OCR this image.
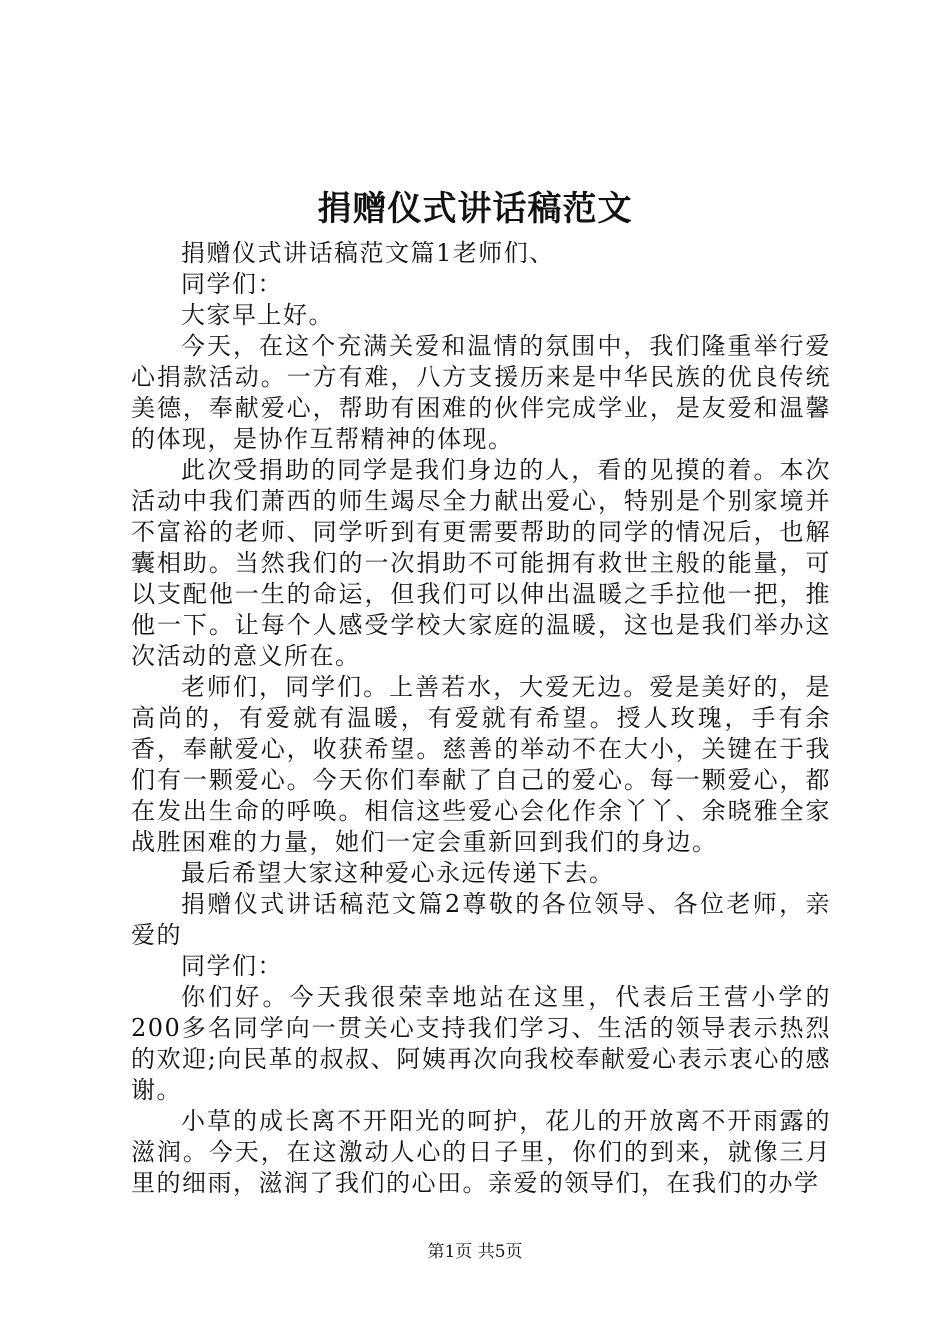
捐赠仪式讲话稿范文

捐赠仪式讲话稿范文篇1老师们、

同学们：

大家早上好。

今天，在这个充满关爱和温情的氛围中，我们隆重举行爱心捐款活动。一方有难，八方支援历来是中华民族的优良传统美德，奉献爱心，帮助有困难的伙伴完成学业，是友爱和温馨的体现，是协作互帮精神的体现。

此次受捐助的同学是我们身边的人，看的见摸的着。本次活动中我们萧西的师生竭尽全力献出爱心，特别是个别家境并不富裕的老师、同学听到有更需要帮助的同学的情况后，也解囊相助。当然我们的一次捐助不可能拥有救世主般的能量，可以支配他一生的命运，但我们可以伸出温暖之手拉他一把，推他一下。让每个人感受学校大家庭的温暖，这也是我们举办这次活动的意义所在。

老师们，同学们。上善若水，大爱无边。爱是美好的，是高尚的，有爱就有温暖，有爱就有希望。授人玫瑰，手有余香，奉献爱心，收获希望。慈善的举动不在大小，关键在于我们有一颗爱心。今天你们奉献了自己的爱心。每一颗爱心，都在发出生命的呼唤。相信这些爱心会化作余丫丫、余晓雅全家战胜困难的力量，她们一定会重新回到我们的身边。

最后希望大家这种爱心永远传递下去。

捐赠仪式讲话稿范文篇2尊敬的各位领导、各位老师，亲爱的

同学们：

你们好。今天我很荣幸地站在这里，代表后王营小学的200多名同学向一贯关心支持我们学习、生活的领导表示热烈的欢迎;向民革的叔叔、阿姨再次向我校奉献爱心表示衷心的感谢。

小草的成长离不开阳光的呵护，花儿的开放离不开雨露的滋润。今天，在这激动人心的日子里，你们的到来，就像三月里的细雨，滋润了我们的心田。亲爱的领导们，在我们的办学

第1页 共5页
